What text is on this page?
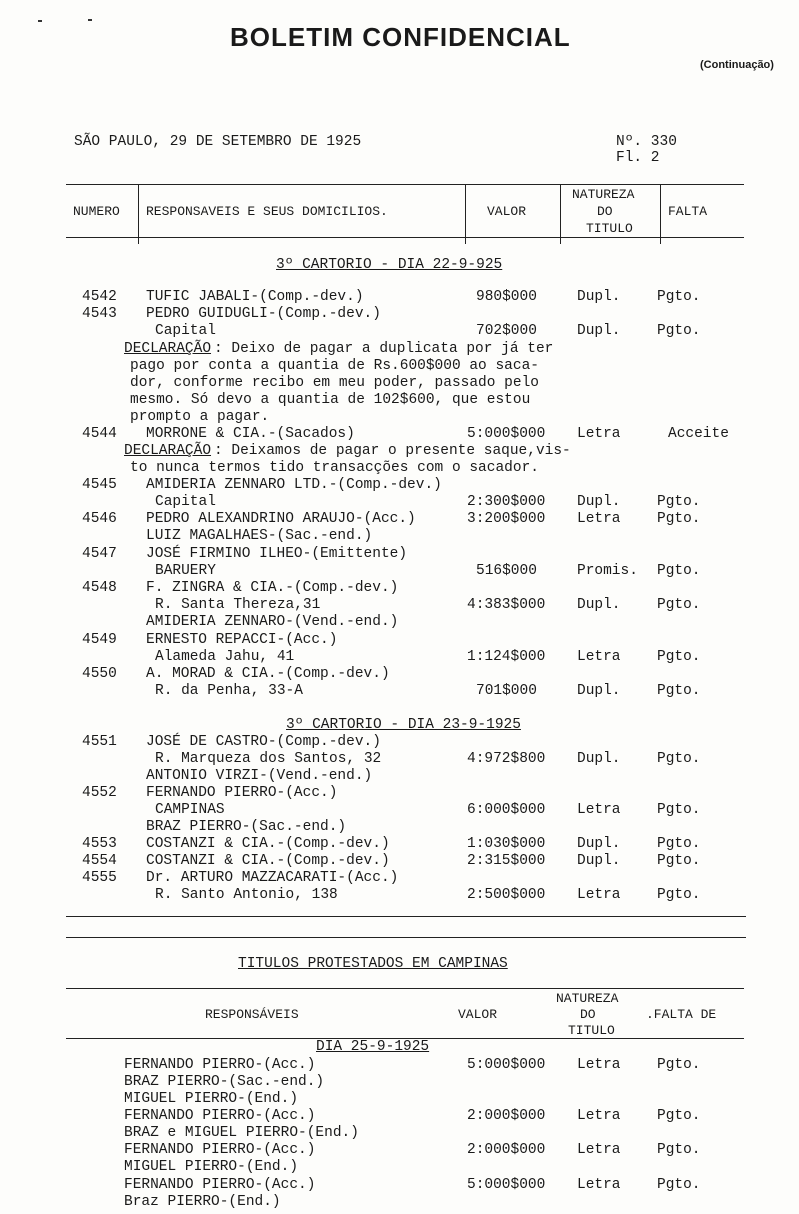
BOLETIM CONFIDENCIAL
(Continuação)
SÃO PAULO, 29 DE SETEMBRO DE 1925	Nº. 330
Fl. 2
NUMERO RESPONSAVEIS E SEUS DOMICILIOS.	VALOR
NATUREZA
DO
TITULO
FALTA
3º CARTORIO - DIA 22-9-925
4542 TUFIC JABALI-(Comp.-dev.)	980$000	Dupl.	Pgto.
4543 PEDRO GUIDUGLI-(Comp.-dev.)
Capital	702$000	Dupl.	Pgto.
DECLARAÇÃO : Deixo de pagar a duplicata por já ter
pago por conta a quantia de Rs.600$000 ao saca-
dor, conforme recibo em meu poder, passado pelo
mesmo. Só devo a quantia de 102$600, que estou
prompto a pagar.
4544 MORRONE & CIA.-(Sacados)	5:000$000 Letra	Acceite
DECLARAÇÃO : Deixamos de pagar o presente saque,vis-
to nunca termos tido transacções com o sacador.
4545 AMIDERIA ZENNARO LTD.-(Comp.-dev.)
Capital	2:300$000 Dupl.	Pgto.
4546 PEDRO ALEXANDRINO ARAUJO-(Acc.)	3:200$000 Letra	Pgto.
LUIZ MAGALHAES-(Sac.-end.)
4547 JOSÉ FIRMINO ILHEO-(Emittente)
BARUERY	516$000	Promis. Pgto.
4548 F. ZINGRA & CIA.-(Comp.-dev.)
R. Santa Thereza,31	4:383$000 Dupl.	Pgto.
AMIDERIA ZENNARO-(Vend.-end.)
4549 ERNESTO REPACCI-(Acc.)
Alameda Jahu, 41	1:124$000 Letra	Pgto.
4550 A. MORAD & CIA.-(Comp.-dev.)
R. da Penha, 33-A	701$000	Dupl.	Pgto.
3º CARTORIO - DIA 23-9-1925
4551 JOSÉ DE CASTRO-(Comp.-dev.)
R. Marqueza dos Santos, 32	4:972$800 Dupl.	Pgto.
ANTONIO VIRZI-(Vend.-end.)
4552 FERNANDO PIERRO-(Acc.)
CAMPINAS	6:000$000 Letra	Pgto.
BRAZ PIERRO-(Sac.-end.)
4553 COSTANZI & CIA.-(Comp.-dev.)	1:030$000 Dupl.	Pgto.
4554 COSTANZI & CIA.-(Comp.-dev.)	2:315$000 Dupl.	Pgto.
4555 Dr. ARTURO MAZZACARATI-(Acc.)
R. Santo Antonio, 138	2:500$000 Letra	Pgto.
TITULOS PROTESTADOS EM CAMPINAS
NATUREZA
RESPONSÁVEIS	VALOR	DO	.FALTA DE
TITULO
DIA 25-9-1925
FERNANDO PIERRO-(Acc.)	5:000$000 Letra	Pgto.
BRAZ PIERRO-(Sac.-end.)
MIGUEL PIERRO-(End.)
FERNANDO PIERRO-(Acc.)	2:000$000 Letra	Pgto.
BRAZ e MIGUEL PIERRO-(End.)
FERNANDO PIERRO-(Acc.)	2:000$000 Letra	Pgto.
MIGUEL PIERRO-(End.)
FERNANDO PIERRO-(Acc.)	5:000$000 Letra	Pgto.
Braz PIERRO-(End.)
